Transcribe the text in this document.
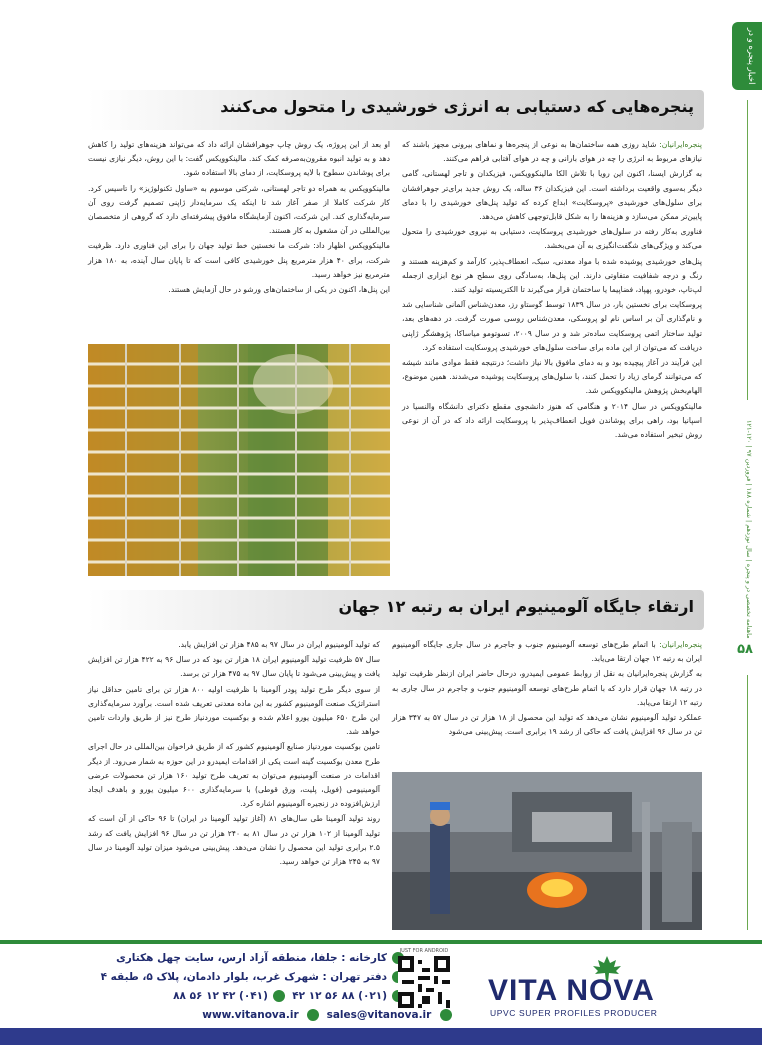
اخبار پنجره و در
ماهنامه تخصصی در و پنجره | سال نوزدهم | شماره ۱۸۸ | فروردین ۹۷ | ۱۲۰-۱۲۱
۵۸
پنجره‌هایی که دستیابی به انرژی خورشیدی را متحول می‌کنند

پنجره‌ایرانیان: شاید روزی همه ساختمان‌ها به نوعی از پنجره‌ها و نماهای بیرونی مجهز باشند که نیازهای مربوط به انرژی را چه در هوای بارانی و چه در هوای آفتابی فراهم می‌کنند.

به گزارش ایسنا، اکنون این رویا با تلاش الکا مالینکوویکس، فیزیکدان و تاجر لهستانی، گامی دیگر به‌سوی واقعیت برداشته است. این فیزیکدان ۳۶ ساله، یک روش جدید برای‌تر جوهرافشان برای سلول‌های خورشیدی «پروسکایت» ابداع کرده که تولید پنل‌های خورشیدی را با دمای پایین‌تر ممکن می‌سازد و هزینه‌ها را به شکل قابل‌توجهی کاهش می‌دهد.

فناوری به‌کار رفته در سلول‌های خورشیدی پروسکایت، دستیابی به نیروی خورشیدی را متحول می‌کند و ویژگی‌های شگفت‌انگیزی به آن می‌بخشد.

پنل‌های خورشیدی پوشیده شده با مواد معدنی، سبک، انعطاف‌پذیر، کارآمد و کم‌هزینه هستند و رنگ و درجه شفافیت متفاوتی دارند. این پنل‌ها، به‌سادگی روی سطح هر نوع ابزاری ازجمله لپ‌تاپ، خودرو، پهپاد، فضاپیما یا ساختمان قرار می‌گیرند تا الکتریسیته تولید کنند.

پروسکایت برای نخستین بار، در سال ۱۸۳۹ توسط گوستاو رز، معدن‌شناس آلمانی شناسایی شد و نام‌گذاری آن بر اساس نام لو پروسکی، معدن‌شناس روسی صورت گرفت. در دهه‌های بعد، تولید ساختار اتمی پروسکایت ساده‌تر شد و در سال ۲۰۰۹، تسوتومو میاساکا، پژوهشگر ژاپنی دریافت که می‌توان از این ماده برای ساخت سلول‌های خورشیدی پروسکایت استفاده کرد.

این فرآیند در آغاز پیچیده بود و به دمای مافوق بالا نیاز داشت؛ درنتیجه فقط موادی مانند شیشه که می‌توانند گرمای زیاد را تحمل کنند، با سلول‌های پروسکایت پوشیده می‌شدند. همین موضوع، الهام‌بخش پژوهش مالینکوویکس شد.

مالینکوویکس در سال ۲۰۱۴ و هنگامی که هنوز دانشجوی مقطع دکترای دانشگاه والنسیا در اسپانیا بود، راهی برای پوشاندن فویل انعطاف‌پذیر با پروسکایت ارائه داد که در آن از نوعی روش تبخیر استفاده می‌شد.

او بعد از این پروژه، یک روش چاپ جوهرافشان ارائه داد که می‌تواند هزینه‌های تولید را کاهش دهد و به تولید انبوه مقرون‌به‌صرفه کمک کند. مالینکوویکس گفت: با این روش، دیگر نیازی نیست برای پوشاندن سطوح با لایه پروسکایت، از دمای بالا استفاده شود.

مالینکوویکس به همراه دو تاجر لهستانی، شرکتی موسوم به «ساول تکنولوژیز» را تاسیس کرد. کار شرکت کاملا از صفر آغاز شد تا اینکه یک سرمایه‌دار ژاپنی تصمیم گرفت روی آن سرمایه‌گذاری کند. این شرکت، اکنون آزمایشگاه مافوق پیشرفته‌ای دارد که گروهی از متخصصان بین‌المللی در آن مشغول به کار هستند.

مالینکوویکس اظهار داد: شرکت ما نخستین خط تولید جهان را برای این فناوری دارد. ظرفیت شرکت، برای ۴۰ هزار مترمربع پنل خورشیدی کافی است که تا پایان سال آینده، به ۱۸۰ هزار مترمربع نیز خواهد رسید.

این پنل‌ها، اکنون در یکی از ساختمان‌های ورشو در حال آزمایش هستند.

ارتقاء جایگاه آلومینیوم ایران به رتبه ۱۲ جهان

پنجره‌ایرانیان: با اتمام طرح‌های توسعه آلومینیوم جنوب و جاجرم در سال جاری جایگاه آلومینیوم ایران به رتبه ۱۲ جهان ارتقا می‌یابد.

به گزارش پنجره‌ایرانیان به نقل از روابط عمومی ایمیدرو، درحال حاضر ایران ازنظر ظرفیت تولید در رتبه ۱۸ جهان قرار دارد که با اتمام طرح‌های توسعه آلومینیوم جنوب و جاجرم در سال جاری به رتبه ۱۲ ارتقا می‌یابد.

عملکرد تولید آلومینیوم نشان می‌دهد که تولید این محصول از ۱۸ هزار تن در سال ۵۷ به ۳۴۷ هزار تن در سال ۹۶ افزایش یافت که حاکی از رشد ۱۹ برابری است. پیش‌بینی می‌شود

که تولید آلومینیوم ایران در سال ۹۷ به ۴۸۵ هزار تن افزایش یابد.

سال ۵۷ ظرفیت تولید آلومینیوم ایران ۱۸ هزار تن بود که در سال ۹۶ به ۴۲۲ هزار تن افزایش یافت و پیش‌بینی می‌شود تا پایان سال ۹۷ به ۴۷۵ هزار تن برسد.

از سوی دیگر طرح تولید پودر آلومینا با ظرفیت اولیه ۸۰۰ هزار تن برای تامین حداقل نیاز استراتژیک صنعت آلومینیوم کشور به این ماده معدنی تعریف شده است. برآورد سرمایه‌گذاری این طرح ۶۵۰ میلیون یورو اعلام شده و بوکسیت موردنیاز طرح نیز از طریق واردات تامین خواهد شد.

تامین بوکسیت موردنیاز صنایع آلومینیوم کشور که از طریق فراخوان بین‌المللی در حال اجرای طرح معدن بوکسیت گینه است یکی از اقدامات ایمیدرو در این حوزه به شمار می‌رود. از دیگر اقدامات در صنعت آلومینیوم می‌توان به تعریف طرح تولید ۱۶۰ هزار تن محصولات عرضی آلومینیومی (فویل، پلیت، ورق قوطی) با سرمایه‌گذاری ۶۰۰ میلیون یورو و باهدف ایجاد ارزش‌افزوده در زنجیره آلومینیوم اشاره کرد.

روند تولید آلومینا طی سال‌های ۸۱ (آغاز تولید آلومینا در ایران) تا ۹۶ حاکی از آن است که تولید آلومینا از ۱۰۲ هزار تن در سال ۸۱ به ۲۴۰ هزار تن در سال ۹۶ افزایش یافت که رشد ۲.۵ برابری تولید این محصول را نشان می‌دهد. پیش‌بینی می‌شود میزان تولید آلومینا در سال ۹۷ به ۲۴۵ هزار تن خواهد رسید.

کارخانه : جلفا، منطقه آزاد ارس، سایت چهل هکتاری
دفتر تهران : شهرک غرب، بلوار دادمان، پلاک ۵، طبقه ۴
(۰۲۱) ۸۸ ۵۶ ۱۲ ۴۲  (۰۴۱) ۴۲ ۱۲ ۵۶ ۸۸
www.vitanova.ir	sales@vitanova.ir
JUST FOR ANDROID
VITA NOVA
UPVC SUPER PROFILES PRODUCER
